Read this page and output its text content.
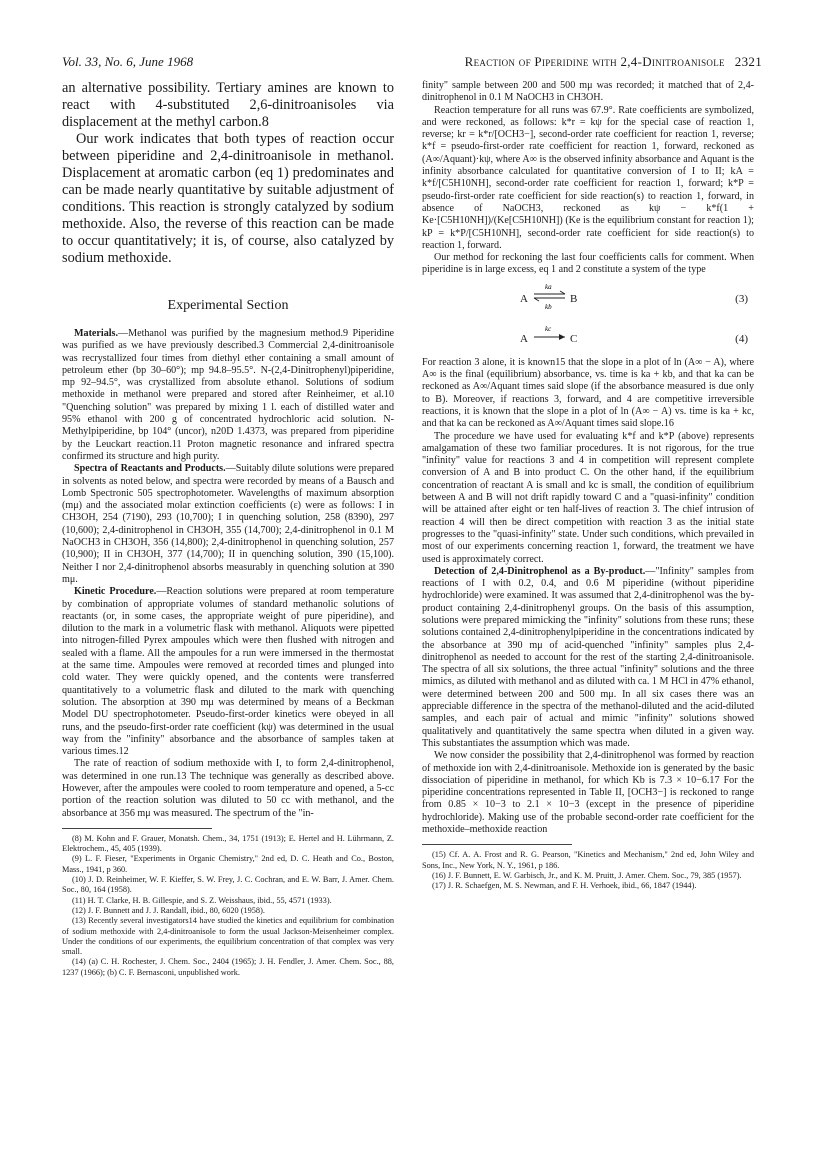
Vol. 33, No. 6, June 1968	Reaction of Piperidine with 2,4-Dinitroanisole 2321

an alternative possibility. Tertiary amines are known to react with 4-substituted 2,6-dinitroanisoles via displacement at the methyl carbon.8

Our work indicates that both types of reaction occur between piperidine and 2,4-dinitroanisole in methanol. Displacement at aromatic carbon (eq 1) predominates and can be made nearly quantitative by suitable adjustment of conditions. This reaction is strongly catalyzed by sodium methoxide. Also, the reverse of this reaction can be made to occur quantitatively; it is, of course, also catalyzed by sodium methoxide.

Experimental Section

Materials.—Methanol was purified by the magnesium method.9 Piperidine was purified as we have previously described.3 Commercial 2,4-dinitroanisole was recrystallized four times from diethyl ether containing a small amount of petroleum ether (bp 30–60°); mp 94.8–95.5°. N-(2,4-Dinitrophenyl)piperidine, mp 92–94.5°, was crystallized from absolute ethanol. Solutions of sodium methoxide in methanol were prepared and stored after Reinheimer, et al.10 "Quenching solution" was prepared by mixing 1 l. each of distilled water and 95% ethanol with 200 g of concentrated hydrochloric acid solution. N-Methylpiperidine, bp 104° (uncor), n20D 1.4373, was prepared from piperidine by the Leuckart reaction.11 Proton magnetic resonance and infrared spectra confirmed its structure and high purity.

Spectra of Reactants and Products.—Suitably dilute solutions were prepared in solvents as noted below, and spectra were recorded by means of a Bausch and Lomb Spectronic 505 spectrophotometer. Wavelengths of maximum absorption (mμ) and the associated molar extinction coefficients (ε) were as follows: I in CH3OH, 254 (7190), 293 (10,700); I in quenching solution, 258 (8390), 297 (10,600); 2,4-dinitrophenol in CH3OH, 355 (14,700); 2,4-dinitrophenol in 0.1 M NaOCH3 in CH3OH, 356 (14,800); 2,4-dinitrophenol in quenching solution, 257 (10,900); II in CH3OH, 377 (14,700); II in quenching solution, 390 (15,100). Neither I nor 2,4-dinitrophenol absorbs measurably in quenching solution at 390 mμ.

Kinetic Procedure.—Reaction solutions were prepared at room temperature by combination of appropriate volumes of standard methanolic solutions of reactants (or, in some cases, the appropriate weight of pure piperidine), and dilution to the mark in a volumetric flask with methanol. Aliquots were pipetted into nitrogen-filled Pyrex ampoules which were then flushed with nitrogen and sealed with a flame. All the ampoules for a run were immersed in the thermostat at the same time. Ampoules were removed at recorded times and plunged into cold water. They were quickly opened, and the contents were transferred quantitatively to a volumetric flask and diluted to the mark with quenching solution. The absorption at 390 mμ was determined by means of a Beckman Model DU spectrophotometer. Pseudo-first-order kinetics were obeyed in all runs, and the pseudo-first-order rate coefficient (kψ) was determined in the usual way from the "infinity" absorbance and the absorbance of samples taken at various times.12

The rate of reaction of sodium methoxide with I, to form 2,4-dinitrophenol, was determined in one run.13 The technique was generally as described above. However, after the ampoules were cooled to room temperature and opened, a 5-cc portion of the reaction solution was diluted to 50 cc with methanol, and the absorbance at 356 mμ was measured. The spectrum of the "in-

(8) M. Kohn and F. Grauer, Monatsh. Chem., 34, 1751 (1913); E. Hertel and H. Lührmann, Z. Elektrochem., 45, 405 (1939).

(9) L. F. Fieser, "Experiments in Organic Chemistry," 2nd ed, D. C. Heath and Co., Boston, Mass., 1941, p 360.

(10) J. D. Reinheimer, W. F. Kieffer, S. W. Frey, J. C. Cochran, and E. W. Barr, J. Amer. Chem. Soc., 80, 164 (1958).

(11) H. T. Clarke, H. B. Gillespie, and S. Z. Weisshaus, ibid., 55, 4571 (1933).

(12) J. F. Bunnett and J. J. Randall, ibid., 80, 6020 (1958).

(13) Recently several investigators14 have studied the kinetics and equilibrium for combination of sodium methoxide with 2,4-dinitroanisole to form the usual Jackson-Meisenheimer complex. Under the conditions of our experiments, the equilibrium concentration of that complex was very small.

(14) (a) C. H. Rochester, J. Chem. Soc., 2404 (1965); J. H. Fendler, J. Amer. Chem. Soc., 88, 1237 (1966); (b) C. F. Bernasconi, unpublished work.

finity" sample between 200 and 500 mμ was recorded; it matched that of 2,4-dinitrophenol in 0.1 M NaOCH3 in CH3OH.

Reaction temperature for all runs was 67.9°. Rate coefficients are symbolized, and were reckoned, as follows: k*r = kψ for the special case of reaction 1, reverse; kr = k*r/[OCH3−], second-order rate coefficient for reaction 1, reverse; k*f = pseudo-first-order rate coefficient for reaction 1, forward, reckoned as (A∞/Aquant)·kψ, where A∞ is the observed infinity absorbance and Aquant is the infinity absorbance calculated for quantitative conversion of I to II; kA = k*f/[C5H10NH], second-order rate coefficient for reaction 1, forward; k*P = pseudo-first-order rate coefficient for side reaction(s) to reaction 1, forward, in absence of NaOCH3, reckoned as kψ − k*f(1 + Ke·[C5H10NH])/(Ke[C5H10NH]) (Ke is the equilibrium constant for reaction 1); kP = k*P/[C5H10NH], second-order rate coefficient for side reaction(s) to reaction 1, forward.

Our method for reckoning the last four coefficients calls for comment. When piperidine is in large excess, eq 1 and 2 constitute a system of the type

A
ka
kb
B	(3)
A
kc
C	(4)

For reaction 3 alone, it is known15 that the slope in a plot of ln (A∞ − A), where A∞ is the final (equilibrium) absorbance, vs. time is ka + kb, and that ka can be reckoned as A∞/Aquant times said slope (if the absorbance measured is due only to B). Moreover, if reactions 3, forward, and 4 are competitive irreversible reactions, it is known that the slope in a plot of ln (A∞ − A) vs. time is ka + kc, and that ka can be reckoned as A∞/Aquant times said slope.16

The procedure we have used for evaluating k*f and k*P (above) represents amalgamation of these two familiar procedures. It is not rigorous, for the true "infinity" value for reactions 3 and 4 in competition will represent complete conversion of A and B into product C. On the other hand, if the equilibrium concentration of reactant A is small and kc is small, the condition of equilibrium between A and B will not drift rapidly toward C and a "quasi-infinity" condition will be attained after eight or ten half-lives of reaction 3. The chief intrusion of reaction 4 will then be direct competition with reaction 3 as the initial state progresses to the "quasi-infinity" state. Under such conditions, which prevailed in most of our experiments concerning reaction 1, forward, the treatment we have used is approximately correct.

Detection of 2,4-Dinitrophenol as a By-product.—"Infinity" samples from reactions of I with 0.2, 0.4, and 0.6 M piperidine (without piperidine hydrochloride) were examined. It was assumed that 2,4-dinitrophenol was the by-product containing 2,4-dinitrophenyl groups. On the basis of this assumption, solutions were prepared mimicking the "infinity" solutions from these runs; these solutions contained 2,4-dinitrophenylpiperidine in the concentrations indicated by the absorbance at 390 mμ of acid-quenched "infinity" samples plus 2,4-dinitrophenol as needed to account for the rest of the starting 2,4-dinitroanisole. The spectra of all six solutions, the three actual "infinity" solutions and the three mimics, as diluted with methanol and as diluted with ca. 1 M HCl in 47% ethanol, were determined between 200 and 500 mμ. In all six cases there was an appreciable difference in the spectra of the methanol-diluted and the acid-diluted samples, and each pair of actual and mimic "infinity" solutions showed qualitatively and quantitatively the same spectra when diluted in a given way. This substantiates the assumption which was made.

We now consider the possibility that 2,4-dinitrophenol was formed by reaction of methoxide ion with 2,4-dinitroanisole. Methoxide ion is generated by the basic dissociation of piperidine in methanol, for which Kb is 7.3 × 10−6.17 For the piperidine concentrations represented in Table II, [OCH3−] is reckoned to range from 0.85 × 10−3 to 2.1 × 10−3 (except in the presence of piperidine hydrochloride). Making use of the probable second-order rate coefficient for the methoxide–methoxide reaction

(15) Cf. A. A. Frost and R. G. Pearson, "Kinetics and Mechanism," 2nd ed, John Wiley and Sons, Inc., New York, N. Y., 1961, p 186.

(16) J. F. Bunnett, E. W. Garbisch, Jr., and K. M. Pruitt, J. Amer. Chem. Soc., 79, 385 (1957).

(17) J. R. Schaefgen, M. S. Newman, and F. H. Verhoek, ibid., 66, 1847 (1944).
